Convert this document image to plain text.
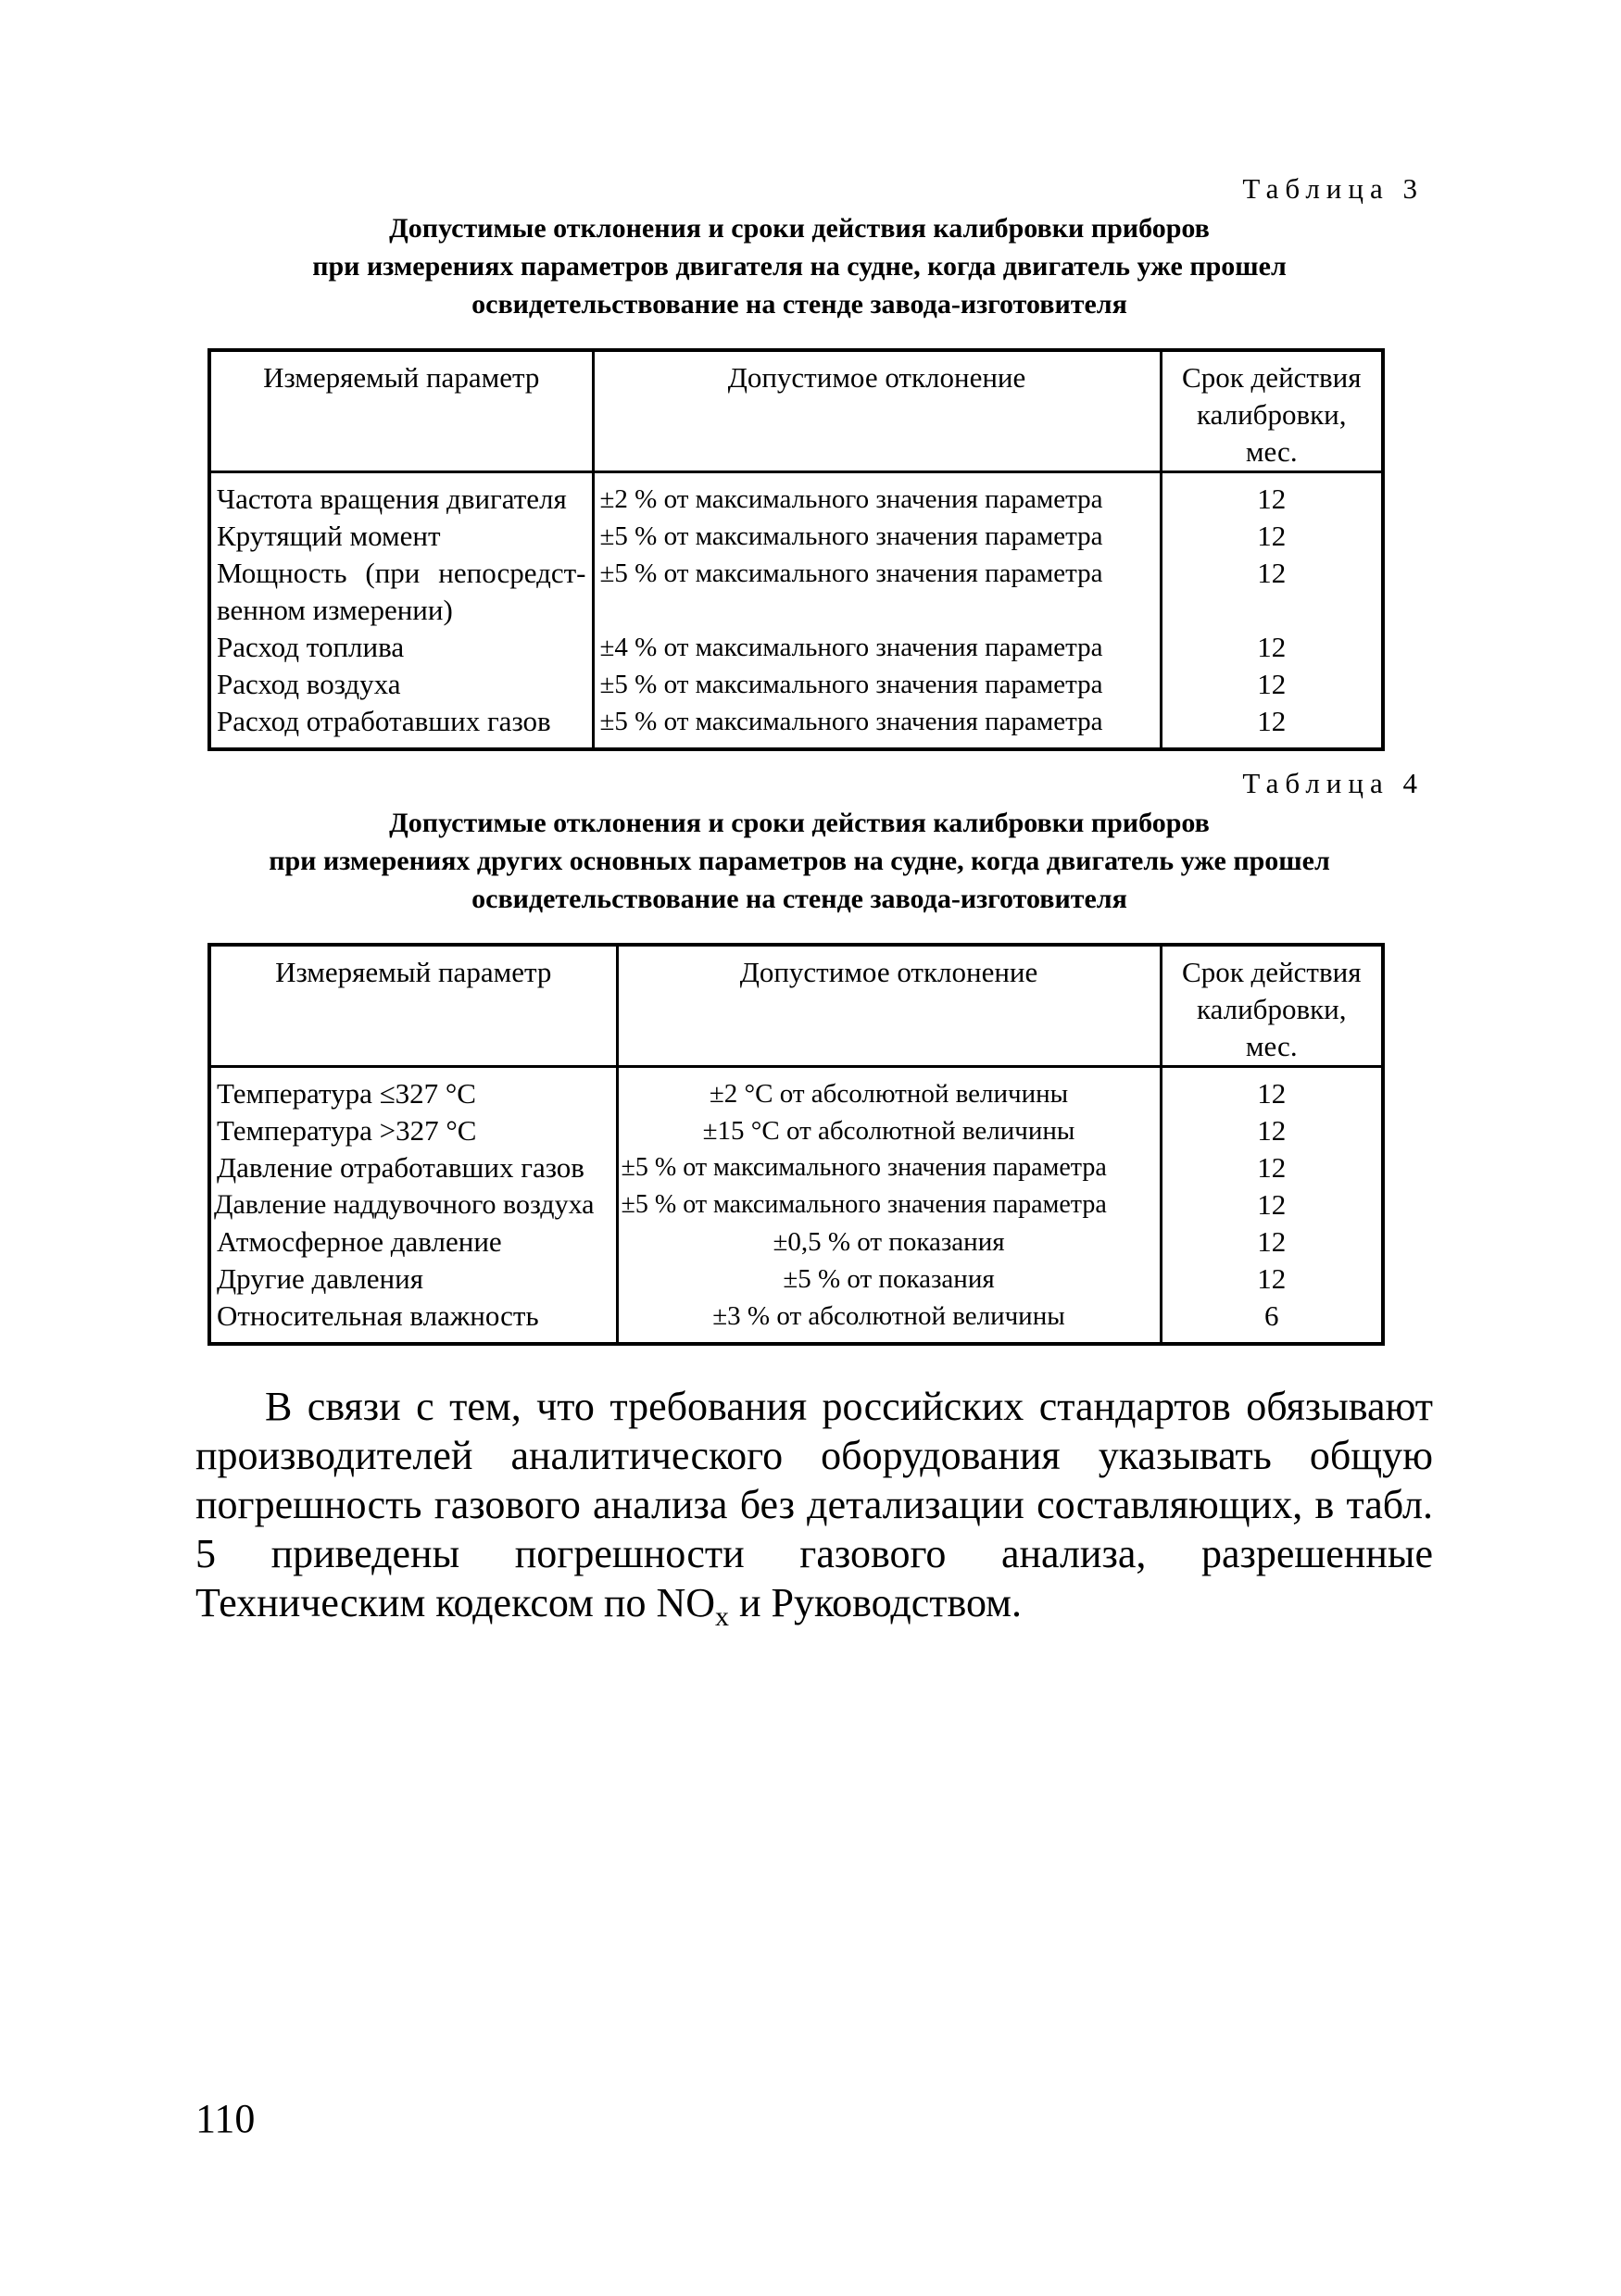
Таблица 3
Допустимые отклонения и сроки действия калибровки приборов
при измерениях параметров двигателя на судне, когда двигатель уже прошел
освидетельствование на стенде завода-изготовителя
Измеряемый параметр	Допустимое отклонение	Срок действия калибровки, мес.
Частота вращения двигателя	±2 % от максимального значения параметра	12
Крутящий момент	±5 % от максимального значения параметра	12
Мощность (при непосредст-венном измерении)	±5 % от максимального значения параметра	12
Расход топлива	±4 % от максимального значения параметра	12
Расход воздуха	±5 % от максимального значения параметра	12
Расход отработавших газов	±5 % от максимального значения параметра	12
Таблица 4
Допустимые отклонения и сроки действия калибровки приборов
при измерениях других основных параметров на судне, когда двигатель уже прошел
освидетельствование на стенде завода-изготовителя
Измеряемый параметр	Допустимое отклонение	Срок действия калибровки, мес.
Температура ≤327 °С	±2 °С от абсолютной величины	12
Температура >327 °С	±15 °С от абсолютной величины	12
Давление отработавших газов	±5 % от максимального значения параметра	12
Давление наддувочного воздуха	±5 % от максимального значения параметра	12
Атмосферное давление	±0,5 % от показания	12
Другие давления	±5 % от показания	12
Относительная влажность	±3 % от абсолютной величины	6

В связи с тем, что требования российских стандартов обязывают производителей аналитического оборудования указывать общую погрешность газового анализа без детализации составляющих, в табл. 5 приведены погрешности газового анализа, разрешенные Техническим кодексом по $NO_x$ и Руководством.

110
